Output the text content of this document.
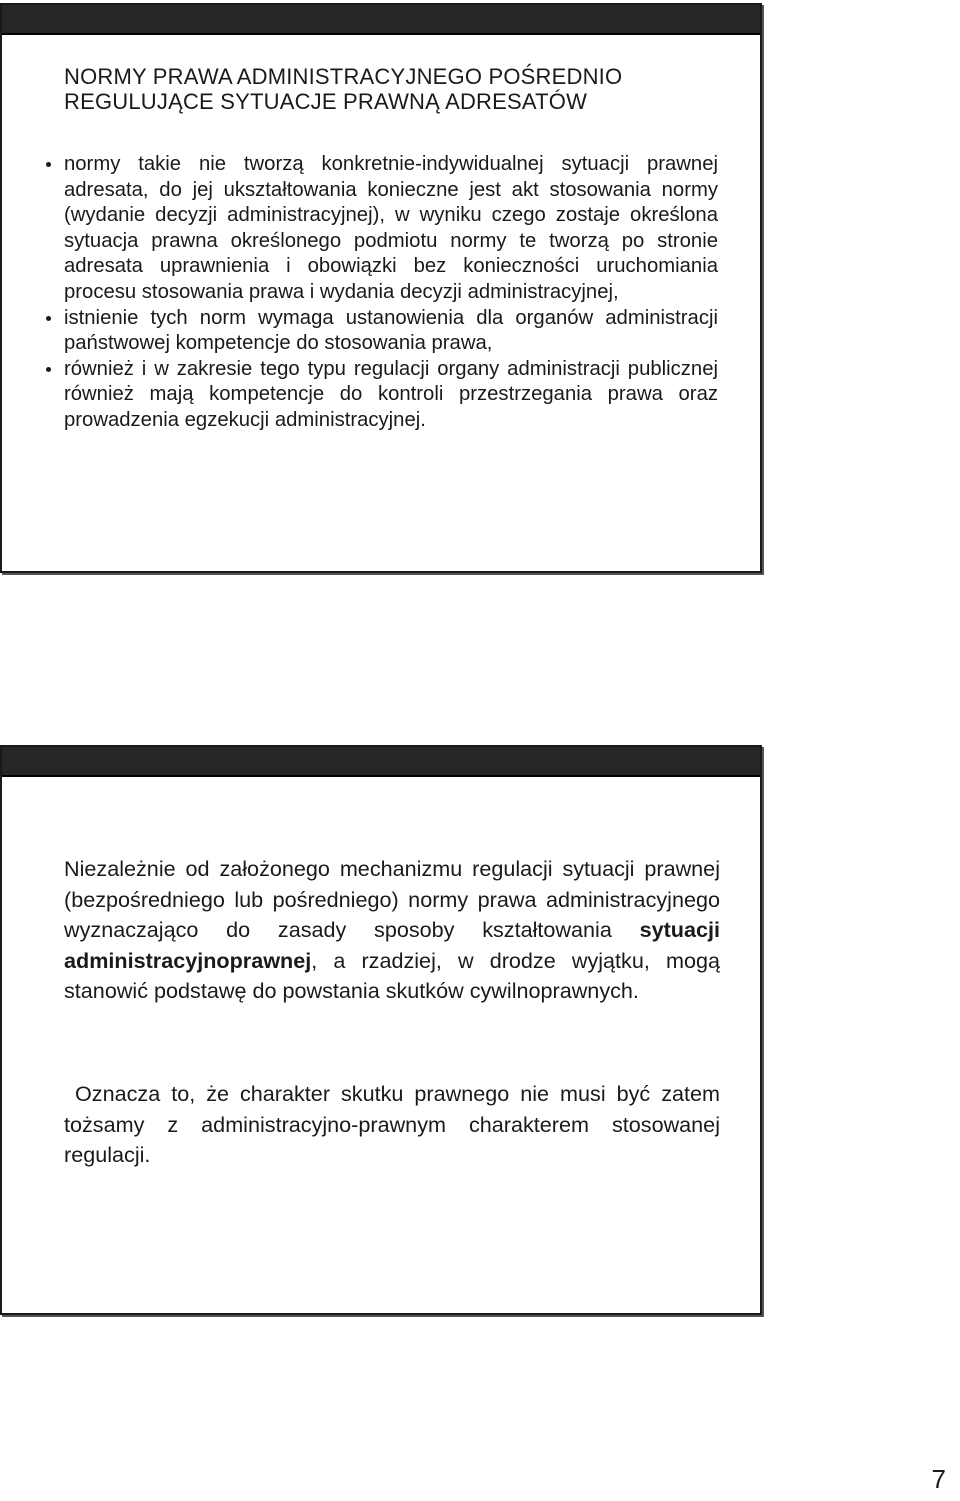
NORMY PRAWA ADMINISTRACYJNEGO POŚREDNIO
REGULUJĄCE SYTUACJE PRAWNĄ ADRESATÓW
normy takie nie tworzą konkretnie-indywidualnej sytuacji prawnej adresata, do jej ukształtowania konieczne jest akt stosowania normy (wydanie decyzji administracyjnej), w wyniku czego zostaje określona sytuacja prawna określonego podmiotu normy te tworzą po stronie adresata uprawnienia i obowiązki bez konieczności uruchomiania procesu stosowania prawa i wydania decyzji administracyjnej,
istnienie tych norm wymaga ustanowienia dla organów administracji państwowej kompetencje do stosowania prawa,
również i w zakresie tego typu regulacji organy administracji publicznej również mają kompetencje do kontroli przestrzegania prawa oraz prowadzenia egzekucji administracyjnej.

Niezależnie od założonego mechanizmu regulacji sytuacji prawnej (bezpośredniego lub pośredniego) normy prawa administracyjnego wyznaczająco do zasady sposoby kształtowania sytuacji administracyjnoprawnej, a rzadziej, w drodze wyjątku, mogą stanowić podstawę do powstania skutków cywilnoprawnych.

Oznacza to, że charakter skutku prawnego nie musi być zatem tożsamy z administracyjno-prawnym charakterem stosowanej regulacji.

7
